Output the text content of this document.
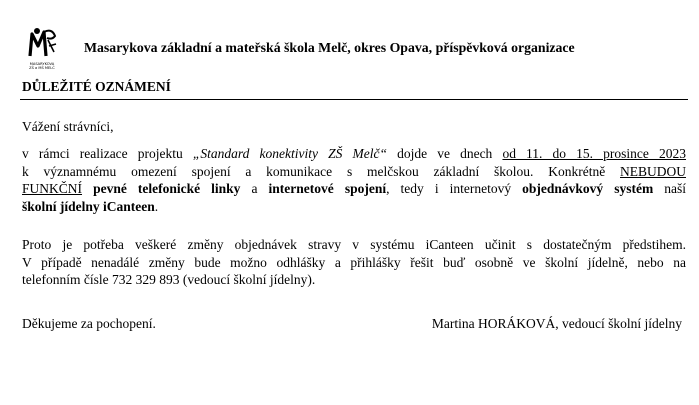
MASARYKOVA
ZŠ a MŠ MELČ
Masarykova základní a mateřská škola Melč, okres Opava, příspěvková organizace
DŮLEŽITÉ OZNÁMENÍ
Vážení strávníci,
v rámci realizace projektu „Standard konektivity ZŠ Melč“ dojde ve dnech od 11. do 15. prosince 2023
k významnému omezení spojení a komunikace s melčskou základní školou. Konkrétně NEBUDOU
FUNKČNÍ pevné telefonické linky a internetové spojení, tedy i internetový objednávkový systém naší
školní jídelny iCanteen.
Proto je potřeba veškeré změny objednávek stravy v systému iCanteen učinit s dostatečným předstihem.
V případě nenadálé změny bude možno odhlášky a přihlášky řešit buď osobně ve školní jídelně, nebo na
telefonním čísle 732 329 893 (vedoucí školní jídelny).
Děkujeme za pochopení.	Martina HORÁKOVÁ, vedoucí školní jídelny
